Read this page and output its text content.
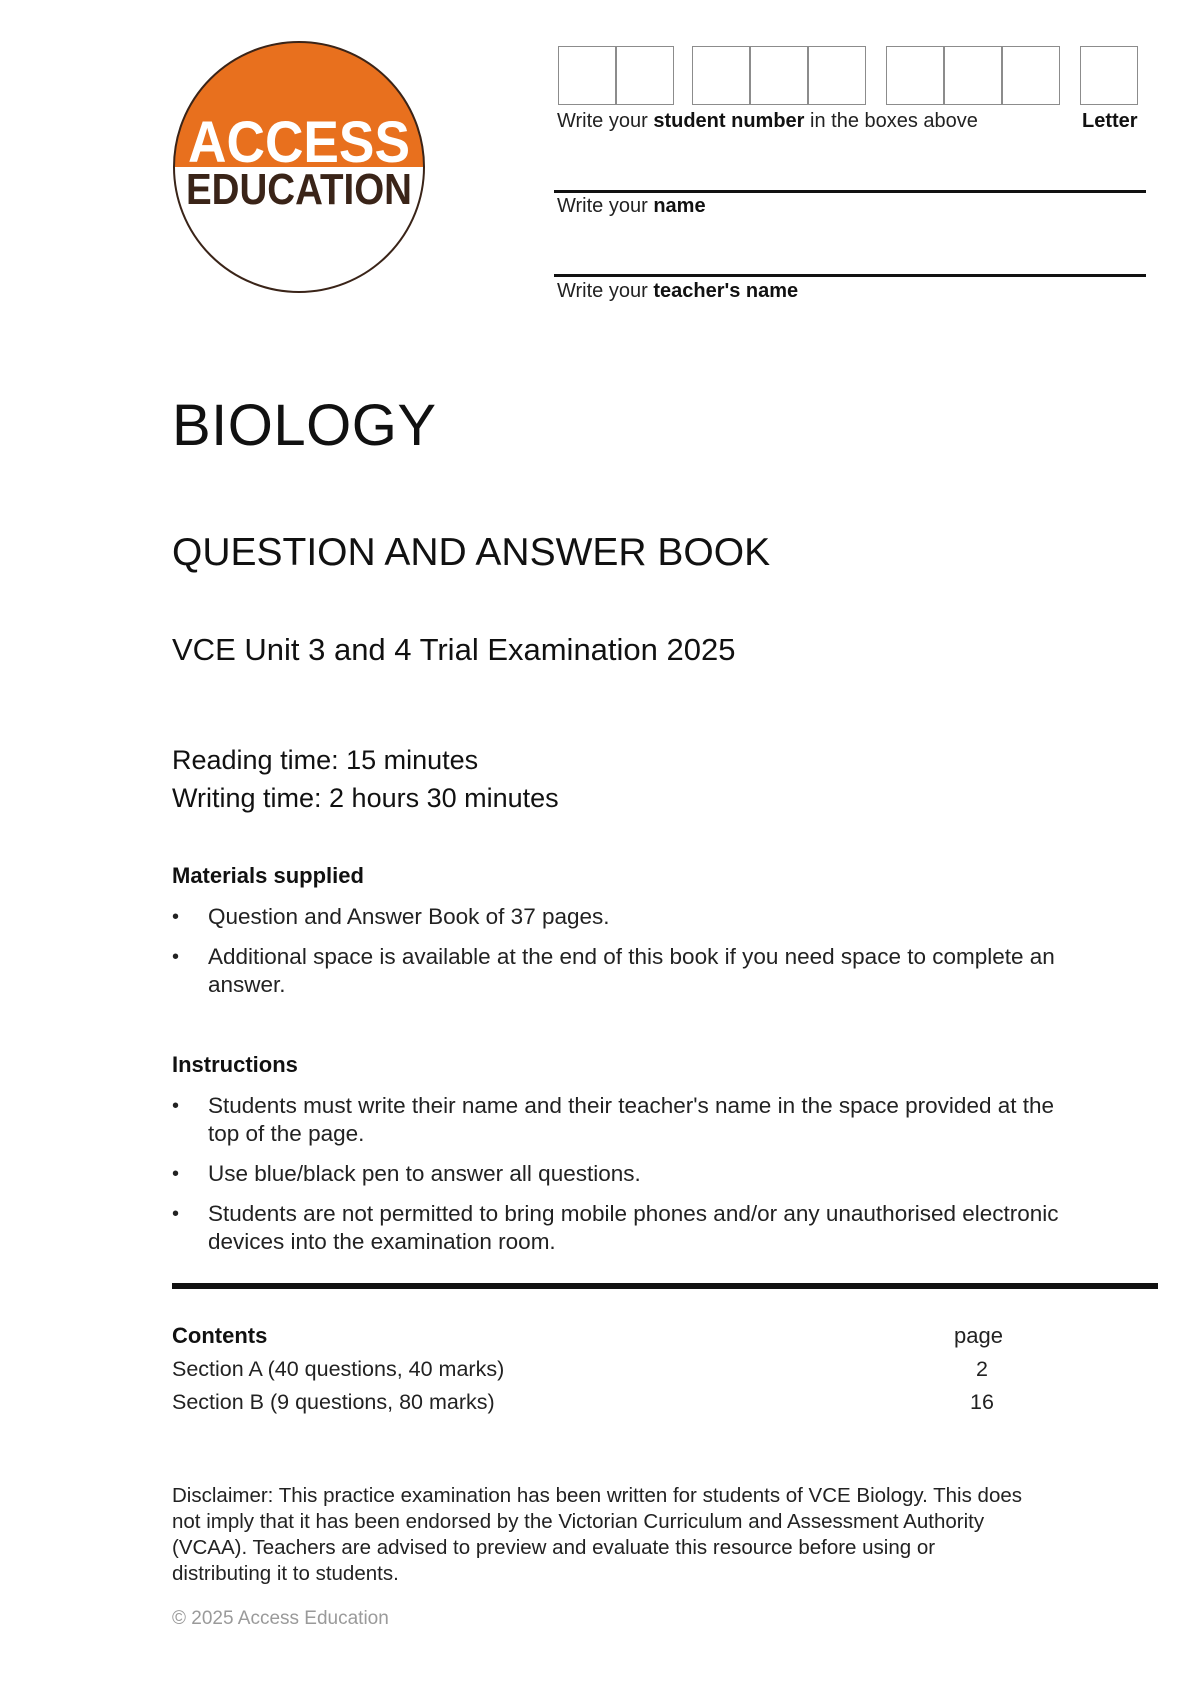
ACCESS
EDUCATION
Write your student number in the boxes above	Letter
Write your name
Write your teacher's name
BIOLOGY
QUESTION AND ANSWER BOOK
VCE Unit 3 and 4 Trial Examination 2025
Reading time: 15 minutes
Writing time: 2 hours 30 minutes
Materials supplied
• Question and Answer Book of 37 pages.
• Additional space is available at the end of this book if you need space to complete an answer.
Instructions
• Students must write their name and their teacher's name in the space provided at the top of the page.
• Use blue/black pen to answer all questions.
• Students are not permitted to bring mobile phones and/or any unauthorised electronic devices into the examination room.
Contents	page
Section A (40 questions, 40 marks)	2
Section B (9 questions, 80 marks)	16
Disclaimer: This practice examination has been written for students of VCE Biology. This does not imply that it has been endorsed by the Victorian Curriculum and Assessment Authority (VCAA). Teachers are advised to preview and evaluate this resource before using or distributing it to students.
© 2025 Access Education
